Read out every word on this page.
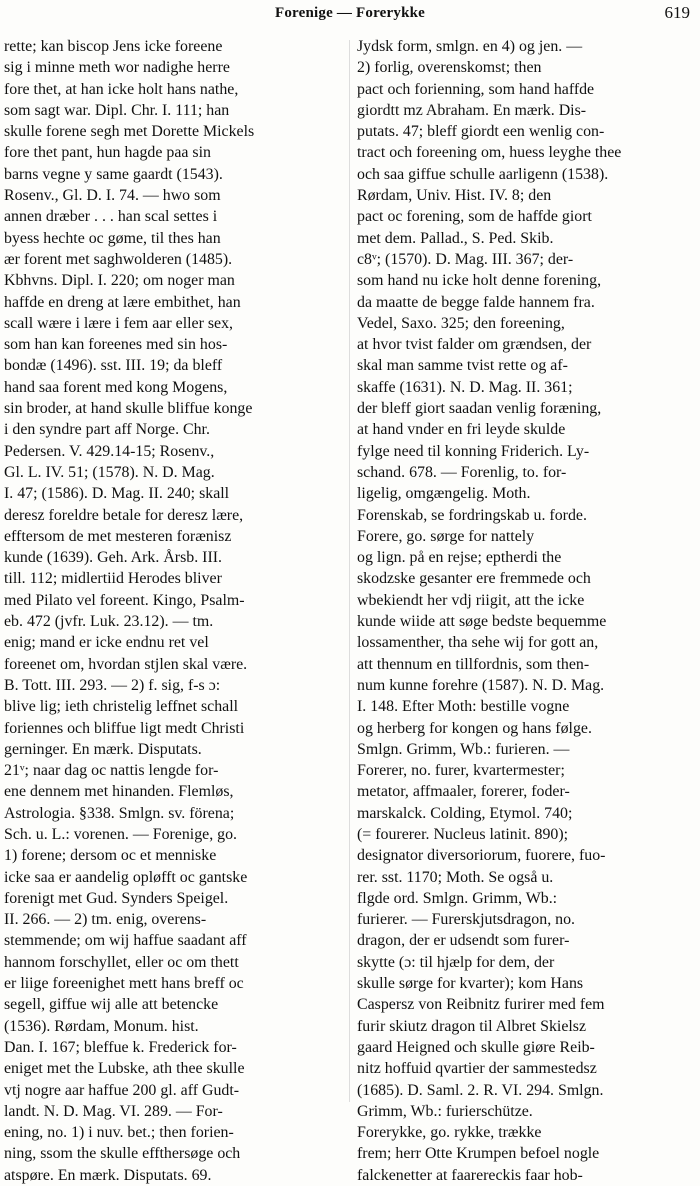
Forenige — Forerykke	619
rette; kan biscop Jens icke foreene
sig i minne meth wor nadighe herre
fore thet, at han icke holt hans nathe,
som sagt war. Dipl. Chr. I. 111; han
skulle forene segh met Dorette Mickels
fore thet pant, hun hagde paa sin
barns vegne y same gaardt (1543).
Rosenv., Gl. D. I. 74. — hwo som
annen dræber . . . han scal settes i
byess hechte oc gøme, til thes han
ær forent met saghwolderen (1485).
Kbhvns. Dipl. I. 220; om noger man
haffde en dreng at lære embithet, han
scall wære i lære i fem aar eller sex,
som han kan foreenes med sin hos-
bondæ (1496). sst. III. 19; da bleff
hand saa forent med kong Mogens,
sin broder, at hand skulle bliffue konge
i den syndre part aff Norge. Chr.
Pedersen. V. 429.14-15; Rosenv.,
Gl. L. IV. 51; (1578). N. D. Mag.
I. 47; (1586). D. Mag. II. 240; skall
deresz foreldre betale for deresz lære,
efftersom de met mesteren forænisz
kunde (1639). Geh. Ark. Årsb. III.
till. 112; midlertiid Herodes bliver
med Pilato vel foreent. Kingo, Psalm-
eb. 472 (jvfr. Luk. 23.12). — tm.
enig; mand er icke endnu ret vel
foreenet om, hvordan stjlen skal være.
B. Tott. III. 293. — 2) f. sig, f-s ɔ:
blive lig; ieth christelig leffnet schall
foriennes och bliffue ligt medt Christi
gerninger. En mærk. Disputats.
21ᵛ; naar dag oc nattis lengde for-
ene dennem met hinanden. Flemløs,
Astrologia. §338. Smlgn. sv. förena;
Sch. u. L.: vorenen. — Forenige, go.
1) forene; dersom oc et menniske
icke saa er aandelig opløfft oc gantske
forenigt met Gud. Synders Speigel.
II. 266. — 2) tm. enig, overens-
stemmende; om wij haffue saadant aff
hannom forschyllet, eller oc om thett
er liige foreenighet mett hans breff oc
segell, giffue wij alle att betencke
(1536). Rørdam, Monum. hist.
Dan. I. 167; bleffue k. Frederick for-
eniget met the Lubske, ath thee skulle
vtj nogre aar haffue 200 gl. aff Gudt-
landt. N. D. Mag. VI. 289. — For-
ening, no. 1) i nuv. bet.; then forien-
ning, ssom the skulle effthersøge och
atspøre. En mærk. Disputats. 69.
Jydsk form, smlgn. en 4) og jen. —
2) forlig, overenskomst; then
pact och forienning, som hand haffde
giordtt mz Abraham. En mærk. Dis-
putats. 47; bleff giordt een wenlig con-
tract och foreening om, huess leyghe thee
och saa giffue schulle aarligenn (1538).
Rørdam, Univ. Hist. IV. 8; den
pact oc forening, som de haffde giort
met dem. Pallad., S. Ped. Skib.
c8ᵛ; (1570). D. Mag. III. 367; der-
som hand nu icke holt denne forening,
da maatte de begge falde hannem fra.
Vedel, Saxo. 325; den foreening,
at hvor tvist falder om grændsen, der
skal man samme tvist rette og af-
skaffe (1631). N. D. Mag. II. 361;
der bleff giort saadan venlig foræning,
at hand vnder en fri leyde skulde
fylge need til konning Friderich. Ly-
schand. 678. — Forenlig, to. for-
ligelig, omgængelig. Moth.
Forenskab, se fordringskab u. forde.
Forere, go. sørge for nattely
og lign. på en rejse; eptherdi the
skodzske gesanter ere fremmede och
wbekiendt her vdj riigit, att the icke
kunde wiide att søge bedste bequemme
lossamenther, tha sehe wij for gott an,
att thennum en tillfordnis, som then-
num kunne forehre (1587). N. D. Mag.
I. 148. Efter Moth: bestille vogne
og herberg for kongen og hans følge.
Smlgn. Grimm, Wb.: furieren. —
Forerer, no. furer, kvartermester;
metator, affmaaler, forerer, foder-
marskalck. Colding, Etymol. 740;
(= fourerer. Nucleus latinit. 890);
designator diversoriorum, fuorere, fuo-
rer. sst. 1170; Moth. Se også u.
flgde ord. Smlgn. Grimm, Wb.:
furierer. — Furerskjutsdragon, no.
dragon, der er udsendt som furer-
skytte (ɔ: til hjælp for dem, der
skulle sørge for kvarter); kom Hans
Caspersz von Reibnitz furirer med fem
furir skiutz dragon til Albret Skielsz
gaard Heigned och skulle giøre Reib-
nitz hoffuid qvartier der sammestedsz
(1685). D. Saml. 2. R. VI. 294. Smlgn.
Grimm, Wb.: furierschütze.
Forerykke, go. rykke, trække
frem; herr Otte Krumpen befoel nogle
falckenetter at faarereckis faar hob-
